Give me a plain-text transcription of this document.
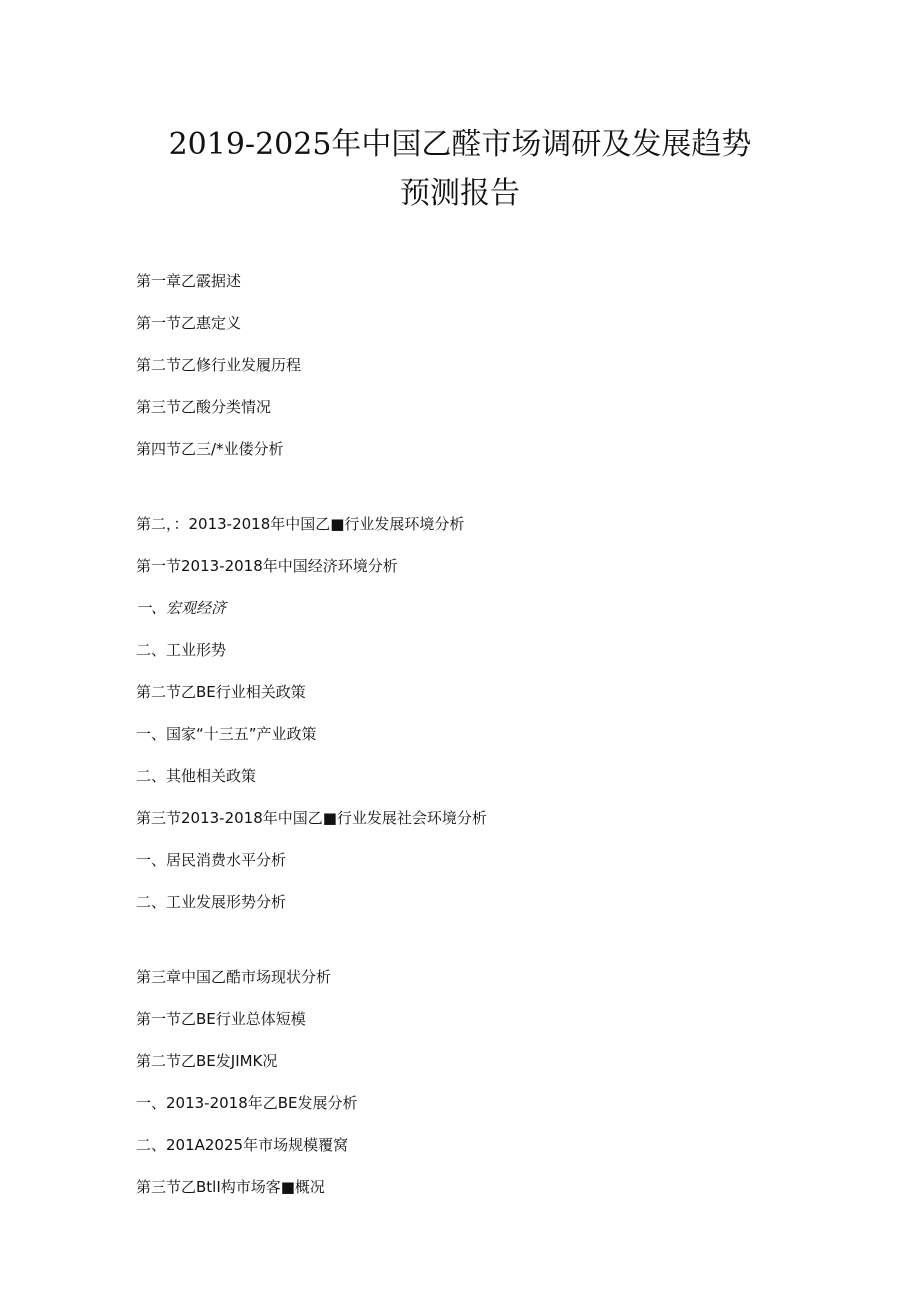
2019-2025年中国乙醛市场调研及发展趋势
预测报告
第一章乙霰据述
第一节乙惠定义
第二节乙修行业发履历程
第三节乙酸分类情况
第四节乙三/*业偻分析
第二，：2013-2018年中国乙■行业发展环境分析
第一节2013-2018年中国经济环境分析
一、宏观经济
二、工业形势
第二节乙BE行业相关政策
一、国家“十三五”产业政策
二、其他相关政策
第三节2013-2018年中国乙■行业发展社会环境分析
一、居民消费水平分析
二、工业发展形势分析
第三章中国乙酷市场现状分析
第一节乙BE行业总体短模
第二节乙BE发JIMK况
一、2013-2018年乙BE发展分析
二、201A2025年市场规模覆窝
第三节乙BtlI构市场客■概况
